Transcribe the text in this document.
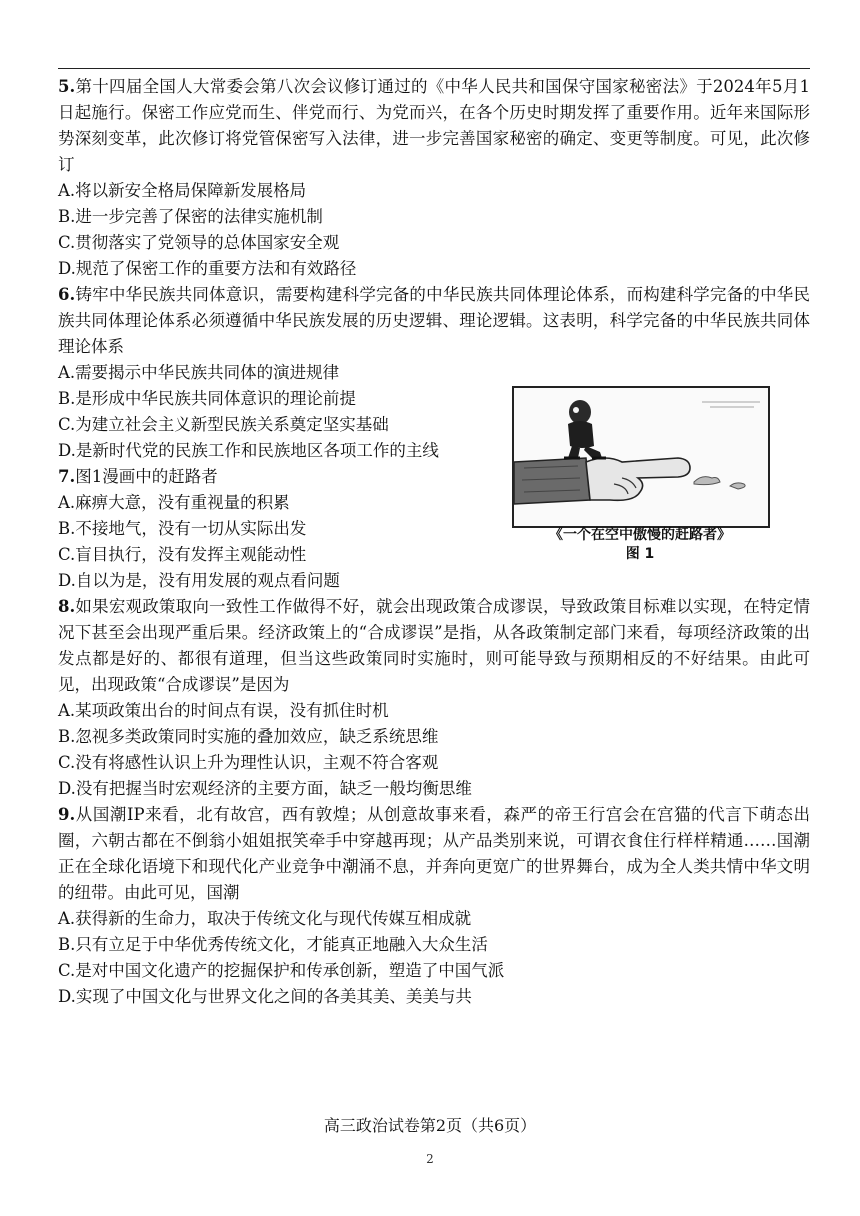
5.第十四届全国人大常委会第八次会议修订通过的《中华人民共和国保守国家秘密法》于2024年5月1日起施行。保密工作应党而生、伴党而行、为党而兴，在各个历史时期发挥了重要作用。近年来国际形势深刻变革，此次修订将党管保密写入法律，进一步完善国家秘密的确定、变更等制度。可见，此次修订

A.将以新安全格局保障新发展格局

B.进一步完善了保密的法律实施机制

C.贯彻落实了党领导的总体国家安全观

D.规范了保密工作的重要方法和有效路径

6.铸牢中华民族共同体意识，需要构建科学完备的中华民族共同体理论体系，而构建科学完备的中华民族共同体理论体系必须遵循中华民族发展的历史逻辑、理论逻辑。这表明，科学完备的中华民族共同体理论体系

A.需要揭示中华民族共同体的演进规律

B.是形成中华民族共同体意识的理论前提

C.为建立社会主义新型民族关系奠定坚实基础

D.是新时代党的民族工作和民族地区各项工作的主线

7.图1漫画中的赶路者

A.麻痹大意，没有重视量的积累

B.不接地气，没有一切从实际出发

C.盲目执行，没有发挥主观能动性

D.自以为是，没有用发展的观点看问题

8.如果宏观政策取向一致性工作做得不好，就会出现政策合成谬误，导致政策目标难以实现，在特定情况下甚至会出现严重后果。经济政策上的“合成谬误”是指，从各政策制定部门来看，每项经济政策的出发点都是好的、都很有道理，但当这些政策同时实施时，则可能导致与预期相反的不好结果。由此可见，出现政策“合成谬误”是因为

A.某项政策出台的时间点有误，没有抓住时机

B.忽视多类政策同时实施的叠加效应，缺乏系统思维

C.没有将感性认识上升为理性认识，主观不符合客观

D.没有把握当时宏观经济的主要方面，缺乏一般均衡思维

9.从国潮IP来看，北有故宫，西有敦煌；从创意故事来看，森严的帝王行宫会在宫猫的代言下萌态出圈，六朝古都在不倒翁小姐姐抿笑牵手中穿越再现；从产品类别来说，可谓衣食住行样样精通……国潮正在全球化语境下和现代化产业竞争中潮涌不息，并奔向更宽广的世界舞台，成为全人类共情中华文明的纽带。由此可见，国潮

A.获得新的生命力，取决于传统文化与现代传媒互相成就

B.只有立足于中华优秀传统文化，才能真正地融入大众生活

C.是对中国文化遗产的挖掘保护和传承创新，塑造了中国气派

D.实现了中国文化与世界文化之间的各美其美、美美与共

《一个在空中傲慢的赶路者》
图 1
高三政治试卷第2页（共6页）
2
